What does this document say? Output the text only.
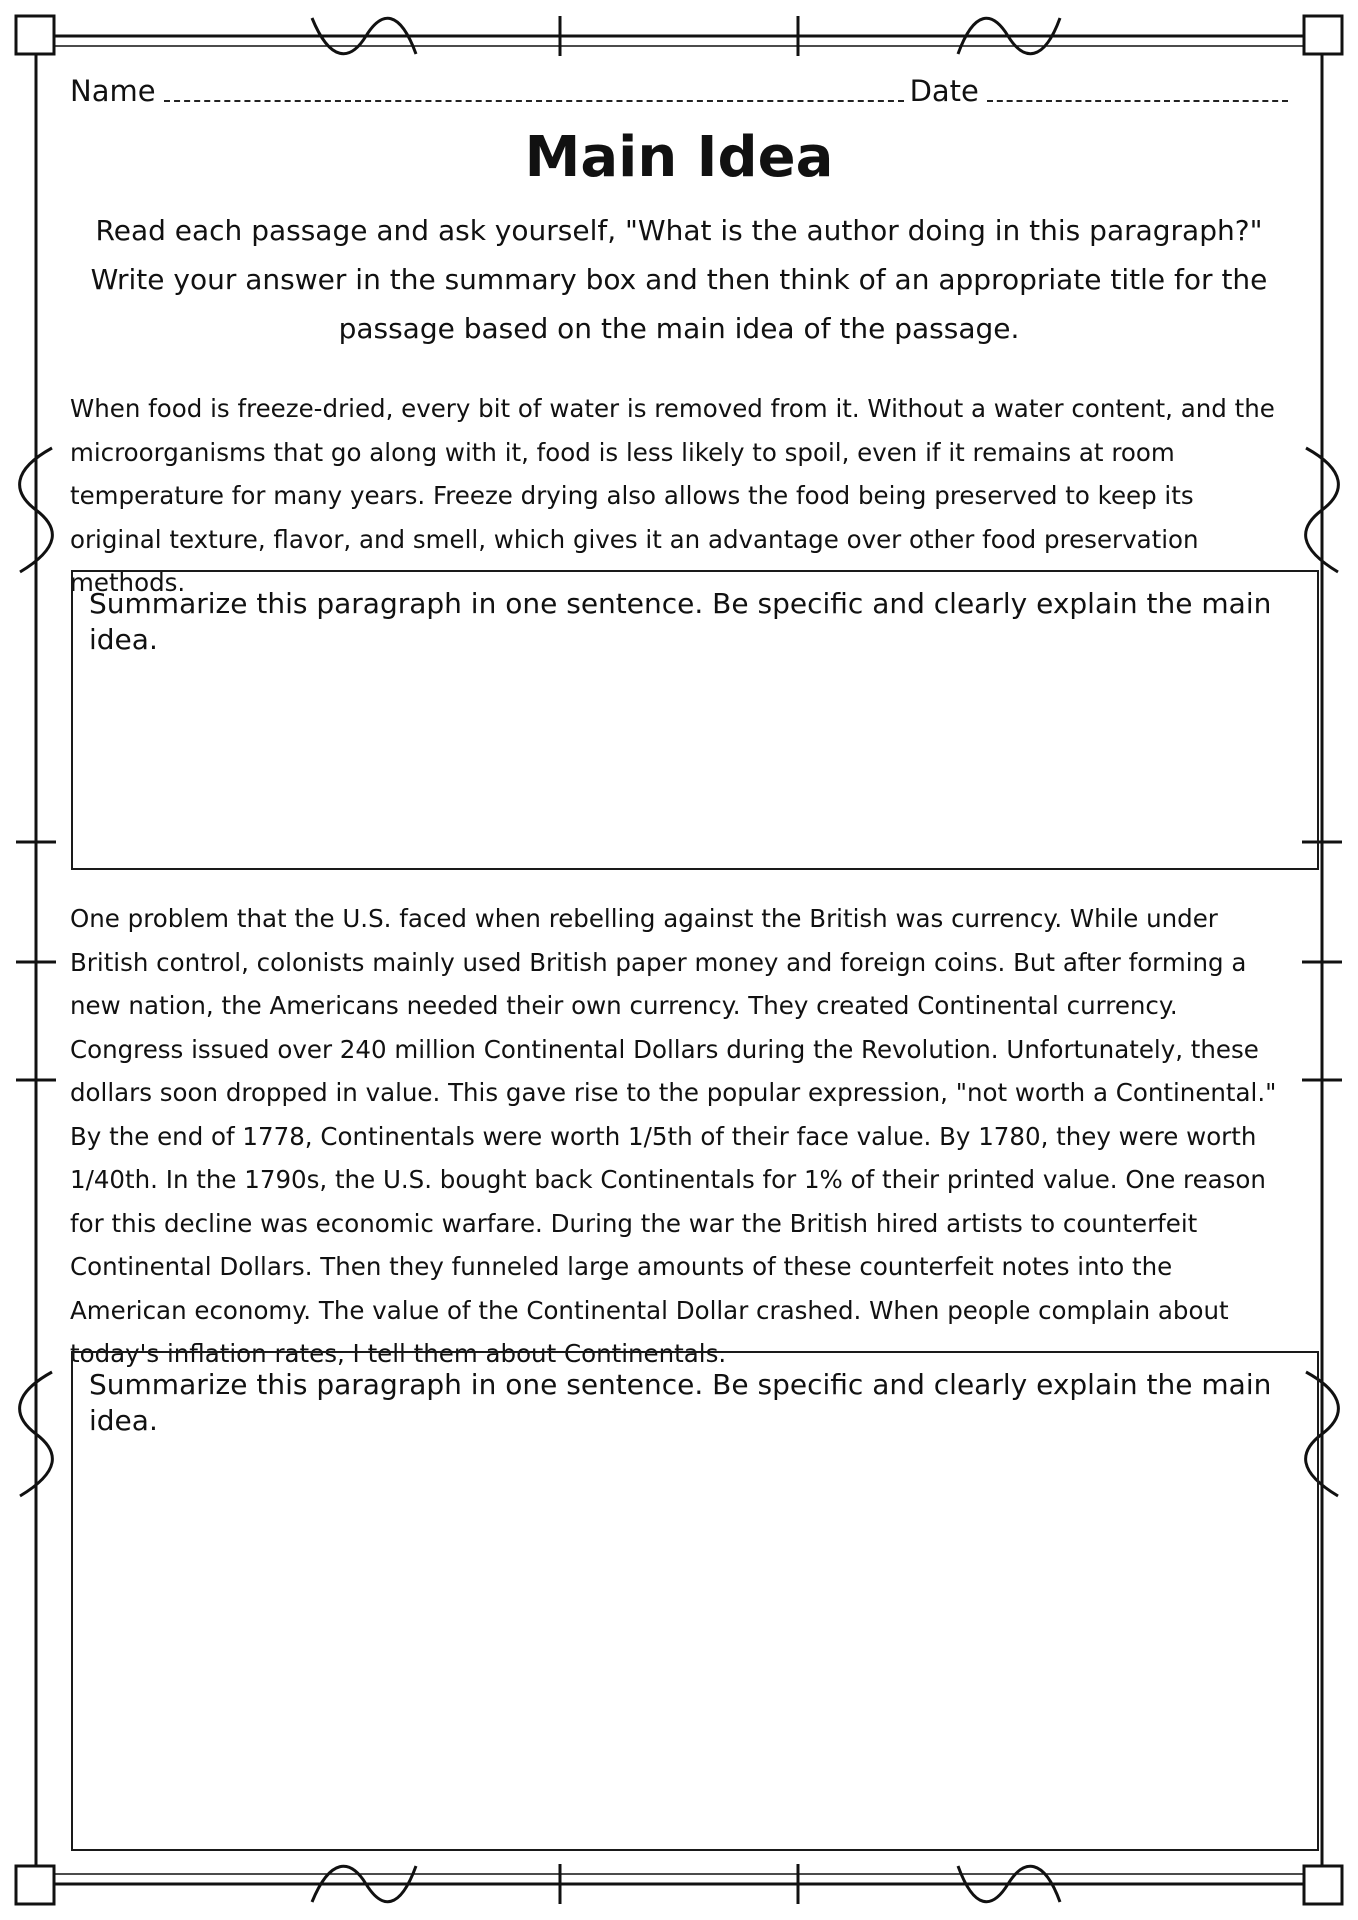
Name	Date
Main Idea

Read each passage and ask yourself, "What is the author doing in this paragraph?" Write your answer in the summary box and then think of an appropriate title for the passage based on the main idea of the passage.

When food is freeze-dried, every bit of water is removed from it. Without a water content, and the microorganisms that go along with it, food is less likely to spoil, even if it remains at room temperature for many years. Freeze drying also allows the food being preserved to keep its original texture, flavor, and smell, which gives it an advantage over other food preservation methods.

Summarize this paragraph in one sentence. Be specific and clearly explain the main idea.

One problem that the U.S. faced when rebelling against the British was currency. While under British control, colonists mainly used British paper money and foreign coins. But after forming a new nation, the Americans needed their own currency. They created Continental currency. Congress issued over 240 million Continental Dollars during the Revolution. Unfortunately, these dollars soon dropped in value. This gave rise to the popular expression, "not worth a Continental." By the end of 1778, Continentals were worth 1/5th of their face value. By 1780, they were worth 1/40th. In the 1790s, the U.S. bought back Continentals for 1% of their printed value. One reason for this decline was economic warfare. During the war the British hired artists to counterfeit Continental Dollars. Then they funneled large amounts of these counterfeit notes into the American economy. The value of the Continental Dollar crashed. When people complain about today's inflation rates, I tell them about Continentals.

Summarize this paragraph in one sentence. Be specific and clearly explain the main idea.
